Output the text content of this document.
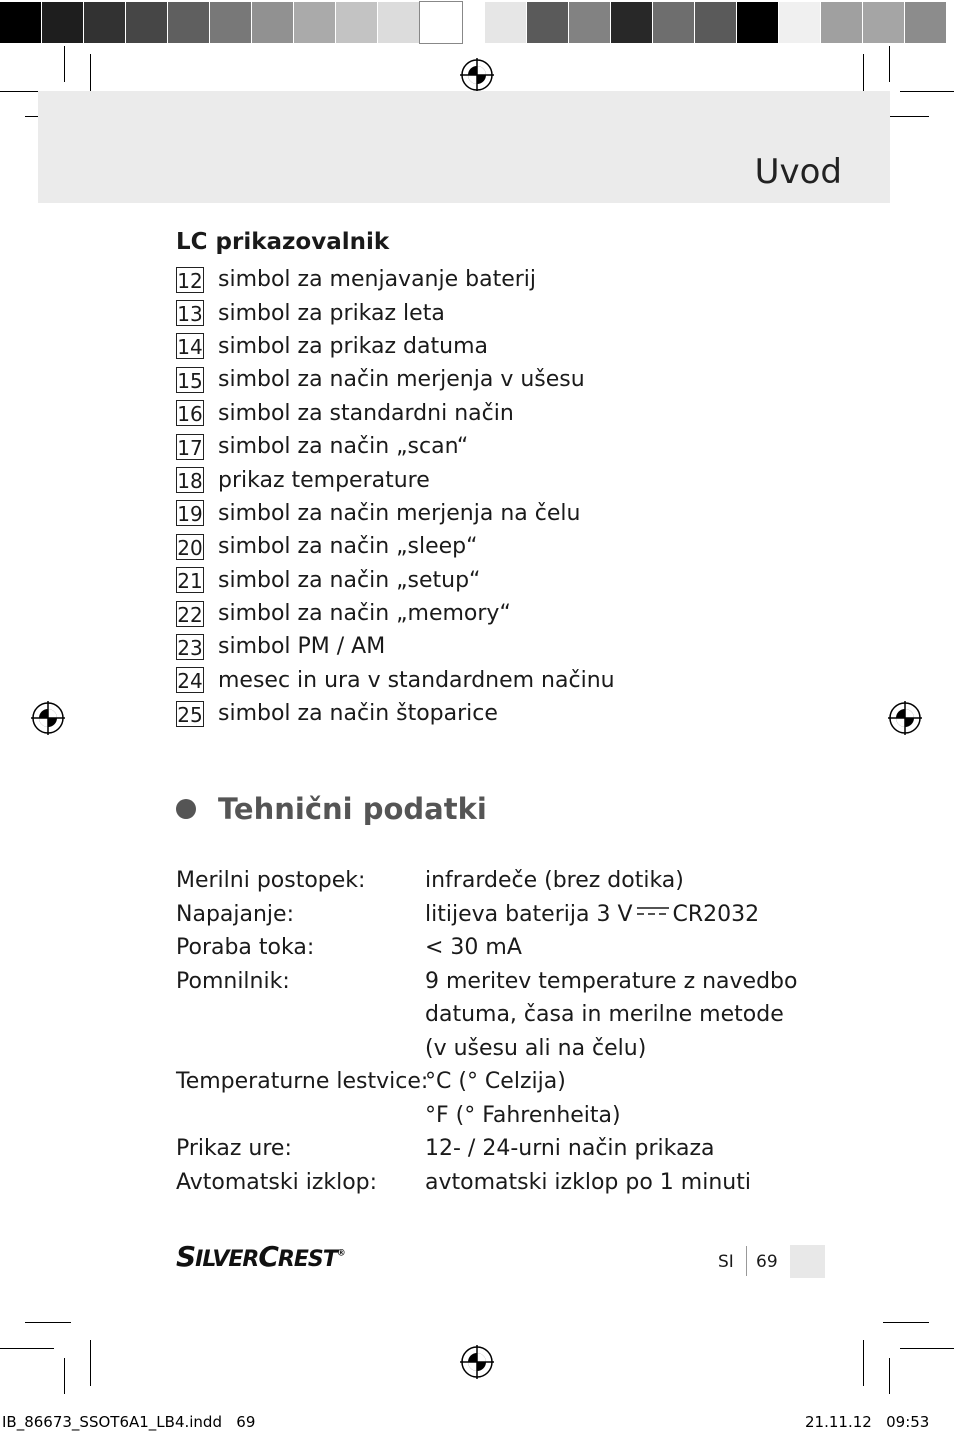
Uvod
LC prikazovalnik
12 simbol za menjavanje baterij
13 simbol za prikaz leta
14 simbol za prikaz datuma
15 simbol za način merjenja v ušesu
16 simbol za standardni način
17 simbol za način „scan“
18 prikaz temperature
19 simbol za način merjenja na čelu
20 simbol za način „sleep“
21 simbol za način „setup“
22 simbol za način „memory“
23 simbol PM / AM
24 mesec in ura v standardnem načinu
25 simbol za način štoparice
Tehnični podatki
Merilni postopek:	infrardeče (brez dotika)
Napajanje:	litijeva baterija 3 V CR2032
Poraba toka:	< 30 mA
Pomnilnik:	9 meritev temperature z navedbo
datuma, časa in merilne metode
(v ušesu ali na čelu)
Temperaturne lestvice:
°C (° Celzija)
°F (° Fahrenheita)
Prikaz ure:	12- / 24-urni način prikaza
Avtomatski izklop:	avtomatski izklop po 1 minuti
SILVERCREST®	SI 69
IB_86673_SSOT6A1_LB4.indd   69	21.11.12   09:53
